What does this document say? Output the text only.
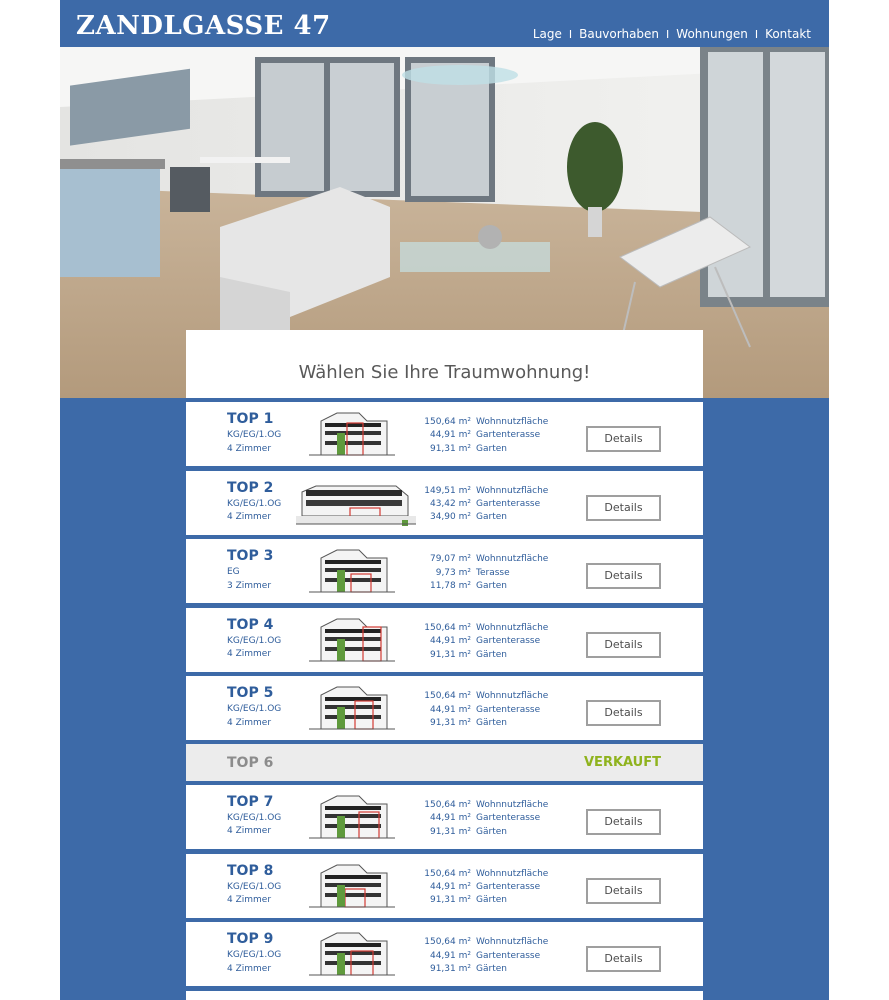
ZANDLGASSE 47	Lage I Bauvorhaben I Wohnungen I Kontakt
Wählen Sie Ihre Traumwohnung!
TOP 1
KG/EG/1.OG
4 Zimmer
150,64 m² Wohnnutzfläche
44,91 m² Gartenterasse
91,31 m² Garten
Details
TOP 2
KG/EG/1.OG
4 Zimmer
149,51 m² Wohnnutzfläche
43,42 m² Gartenterasse
34,90 m² Garten
Details
TOP 3
EG
3 Zimmer
79,07 m² Wohnnutzfläche
9,73 m² Terasse
11,78 m² Garten
Details
TOP 4
KG/EG/1.OG
4 Zimmer
150,64 m² Wohnnutzfläche
44,91 m² Gartenterasse
91,31 m² Gärten
Details
TOP 5
KG/EG/1.OG
4 Zimmer
150,64 m² Wohnnutzfläche
44,91 m² Gartenterasse
91,31 m² Gärten
Details
TOP 6	VERKAUFT
TOP 7
KG/EG/1.OG
4 Zimmer
150,64 m² Wohnnutzfläche
44,91 m² Gartenterasse
91,31 m² Gärten
Details
TOP 8
KG/EG/1.OG
4 Zimmer
150,64 m² Wohnnutzfläche
44,91 m² Gartenterasse
91,31 m² Gärten
Details
TOP 9
KG/EG/1.OG
4 Zimmer
150,64 m² Wohnnutzfläche
44,91 m² Gartenterasse
91,31 m² Gärten
Details
